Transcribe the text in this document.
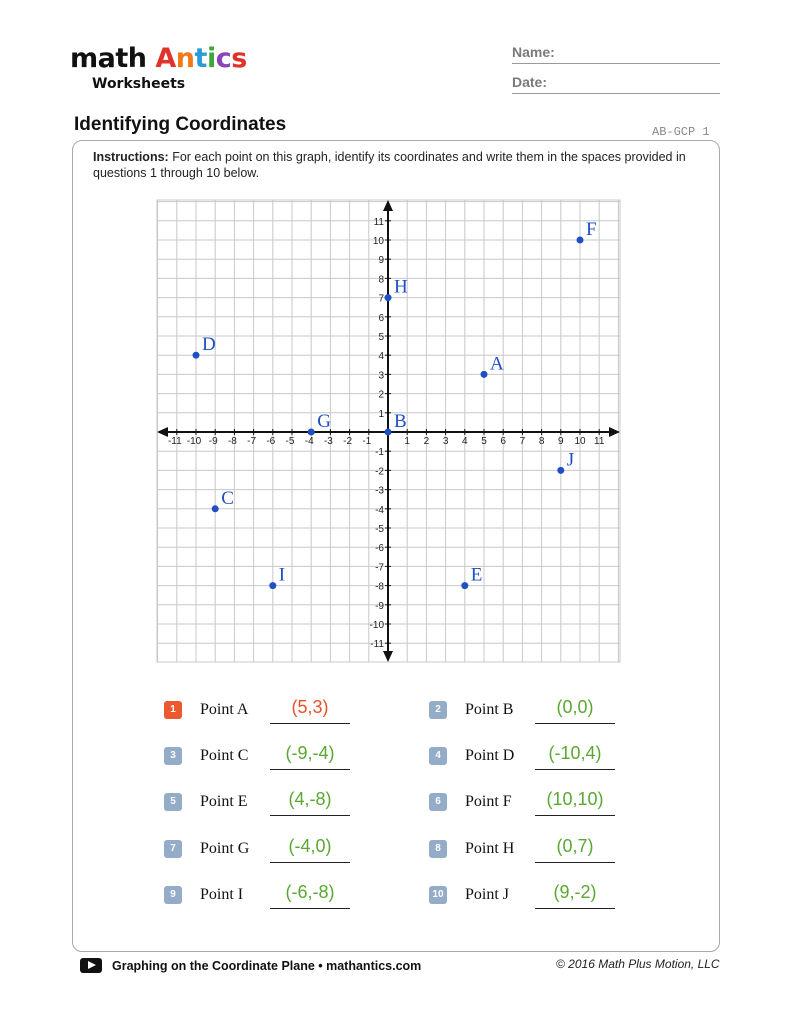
math Antics
Worksheets
Name:
Date:
Identifying Coordinates	AB-GCP 1
Instructions: For each point on this graph, identify its coordinates and write them in the spaces provided in questions 1 through 10 below.
-11 -10 -9 -8 -7 -6 -5 -4 -3 -2 -1	1 2 3 4 5 6 7 8 9 10 11
-11
-10
-9
-8
-7
-6
-5
-4
-3
-2
-1
1
2
3
4
5
6
7
8
9
10
11
A
B
C
D
E
F
G
H
I
J
1	Point A	(5,3)	2	Point B	(0,0)
3	Point C	(-9,-4)	4	Point D	(-10,4)
5	Point E	(4,-8)	6	Point F	(10,10)
7	Point G	(-4,0)	8	Point H	(0,7)
9	Point I	(-6,-8)	10 Point J	(9,-2)
Graphing on the Coordinate Plane • mathantics.com	© 2016 Math Plus Motion, LLC
